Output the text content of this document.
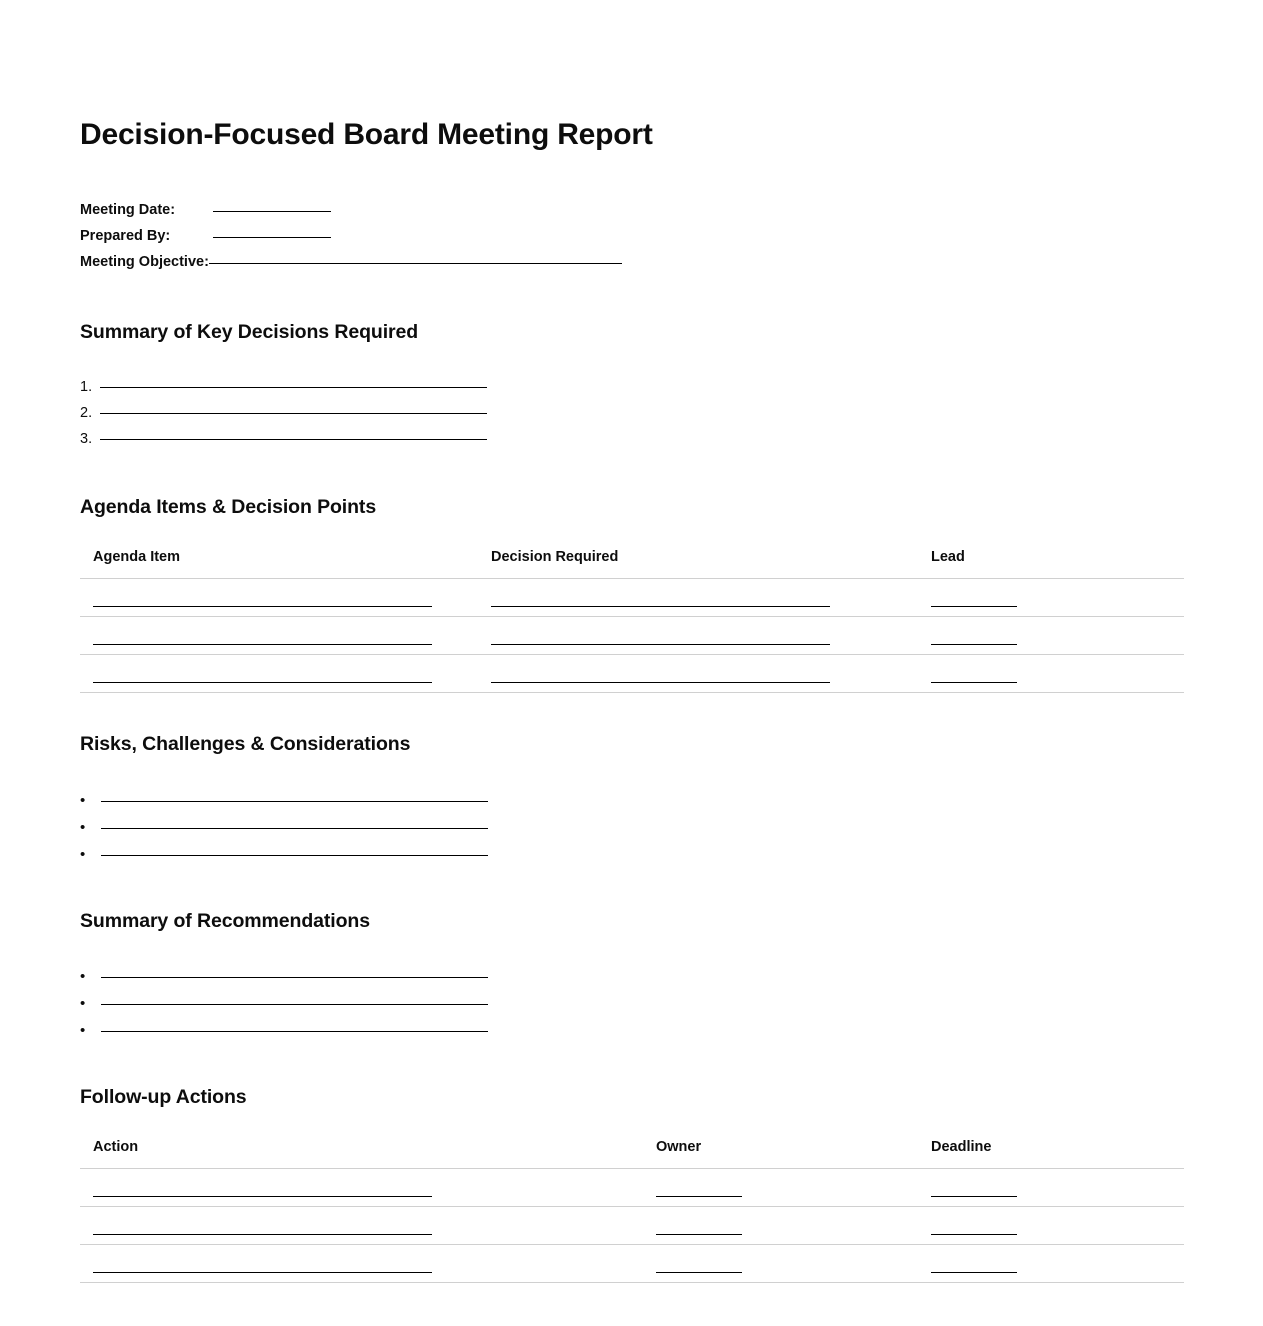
Decision-Focused Board Meeting Report
Meeting Date:
Prepared By:
Meeting Objective:
Summary of Key Decisions Required
1.
2.
3.
Agenda Items & Decision Points
Agenda Item	Decision Required	Lead

Risks, Challenges & Considerations
•
•
•
Summary of Recommendations
•
•
•
Follow-up Actions
Action	Owner	Deadline
